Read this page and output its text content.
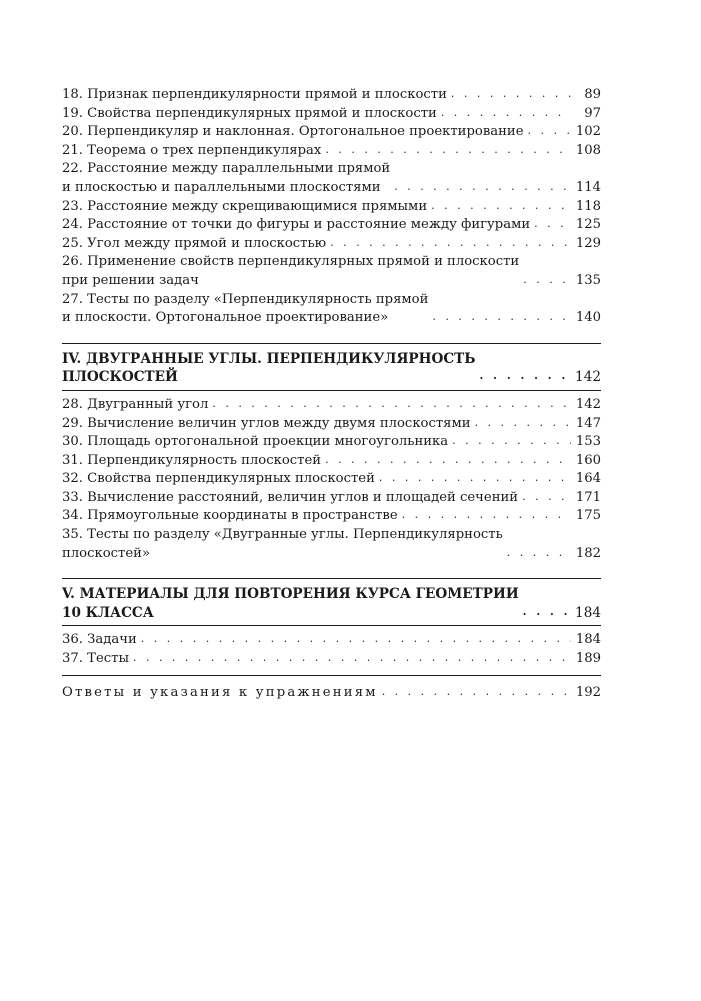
18. Признак перпендикулярности прямой и плоскости . . .	89
19. Свойства перпендикулярных прямой и плоскости . . .	97
20. Перпендикуляр и наклонная. Ортогональное проектирование . . .	102
21. Теорема о трех перпендикулярах . . .	108
22. Расстояние между параллельными прямой
и плоскостью и параллельными плоскостями . . .	114
23. Расстояние между скрещивающимися прямыми . . .	118
24. Расстояние от точки до фигуры и расстояние между фигурами . . .	125
25. Угол между прямой и плоскостью . . .	129
26. Применение свойств перпендикулярных прямой и плоскости
при решении задач . . .	135
27. Тесты по разделу «Перпендикулярность прямой
и плоскости. Ортогональное проектирование» . . .	140
IV. ДВУГРАННЫЕ УГЛЫ. ПЕРПЕНДИКУЛЯРНОСТЬ
ПЛОСКОСТЕЙ . . .	142
28. Двугранный угол . . .	142
29. Вычисление величин углов между двумя плоскостями . . .	147
30. Площадь ортогональной проекции многоугольника . . .	153
31. Перпендикулярность плоскостей . . .	160
32. Свойства перпендикулярных плоскостей . . .	164
33. Вычисление расстояний, величин углов и площадей сечений . . .	171
34. Прямоугольные координаты в пространстве . . .	175
35. Тесты по разделу «Двугранные углы. Перпендикулярность
плоскостей» . . .	182
V. МАТЕРИАЛЫ ДЛЯ ПОВТОРЕНИЯ КУРСА ГЕОМЕТРИИ
10 КЛАССА . . .	184
36. Задачи . . .	184
37. Тесты . . .	189
Ответы и указания к упражнениям . . .	192
